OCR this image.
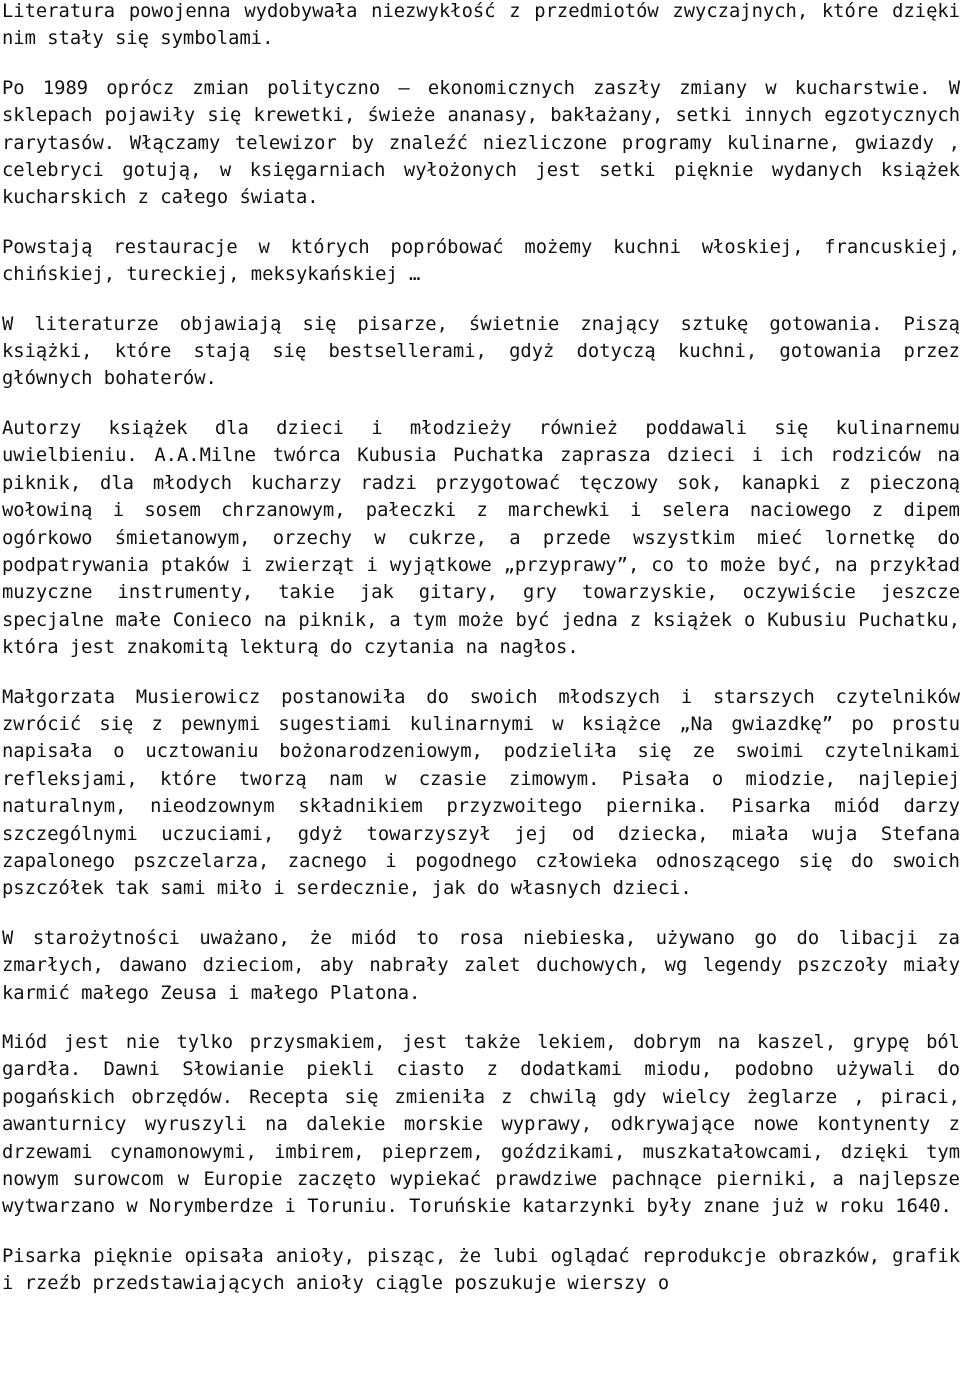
Literatura powojenna wydobywała niezwykłość z przedmiotów zwyczajnych, które dzięki nim stały się symbolami.

Po 1989 oprócz zmian polityczno – ekonomicznych zaszły zmiany w kucharstwie. W sklepach pojawiły się krewetki, świeże ananasy, bakłażany, setki innych egzotycznych rarytasów. Włączamy telewizor by znaleźć niezliczone programy kulinarne, gwiazdy , celebryci gotują, w księgarniach wyłożonych jest setki pięknie wydanych książek kucharskich z całego świata.

Powstają restauracje w których popróbować możemy kuchni włoskiej, francuskiej, chińskiej, tureckiej, meksykańskiej …

W literaturze objawiają się pisarze, świetnie znający sztukę gotowania. Piszą książki, które stają się bestsellerami, gdyż dotyczą kuchni, gotowania przez głównych bohaterów.

Autorzy książek dla dzieci i młodzieży również poddawali się kulinarnemu uwielbieniu. A.A.Milne twórca Kubusia Puchatka zaprasza dzieci i ich rodziców na piknik, dla młodych kucharzy radzi przygotować tęczowy sok, kanapki z pieczoną wołowiną i sosem chrzanowym, pałeczki z marchewki i selera naciowego z dipem ogórkowo śmietanowym, orzechy w cukrze, a przede wszystkim mieć lornetkę do podpatrywania ptaków i zwierząt i wyjątkowe „przyprawy”, co to może być, na przykład muzyczne instrumenty, takie jak gitary, gry towarzyskie, oczywiście jeszcze specjalne małe Conieco na piknik, a tym może być jedna z książek o Kubusiu Puchatku, która jest znakomitą lekturą do czytania na nagłos.

Małgorzata Musierowicz postanowiła do swoich młodszych i starszych czytelników zwrócić się z pewnymi sugestiami kulinarnymi w książce „Na gwiazdkę” po prostu napisała o ucztowaniu bożonarodzeniowym, podzieliła się ze swoimi czytelnikami refleksjami, które tworzą nam w czasie zimowym. Pisała o miodzie, najlepiej naturalnym, nieodzownym składnikiem przyzwoitego piernika. Pisarka miód darzy szczególnymi uczuciami, gdyż towarzyszył jej od dziecka, miała wuja Stefana zapalonego pszczelarza, zacnego i pogodnego człowieka odnoszącego się do swoich pszczółek tak sami miło i serdecznie, jak do własnych dzieci.

W starożytności uważano, że miód to rosa niebieska, używano go do libacji za zmarłych, dawano dzieciom, aby nabrały zalet duchowych, wg legendy pszczoły miały karmić małego Zeusa i małego Platona.

Miód jest nie tylko przysmakiem, jest także lekiem, dobrym na kaszel, grypę ból gardła. Dawni Słowianie piekli ciasto z dodatkami miodu, podobno używali do pogańskich obrzędów. Recepta się zmieniła z chwilą gdy wielcy żeglarze , piraci, awanturnicy wyruszyli na dalekie morskie wyprawy, odkrywające nowe kontynenty z drzewami cynamonowymi, imbirem, pieprzem, goździkami, muszkatałowcami, dzięki tym nowym surowcom w Europie zaczęto wypiekać prawdziwe pachnące pierniki, a najlepsze wytwarzano w Norymberdze i Toruniu. Toruńskie katarzynki były znane już w roku 1640.

Pisarka pięknie opisała anioły, pisząc, że lubi oglądać reprodukcje obrazków, grafik i rzeźb przedstawiających anioły ciągle poszukuje wierszy o
